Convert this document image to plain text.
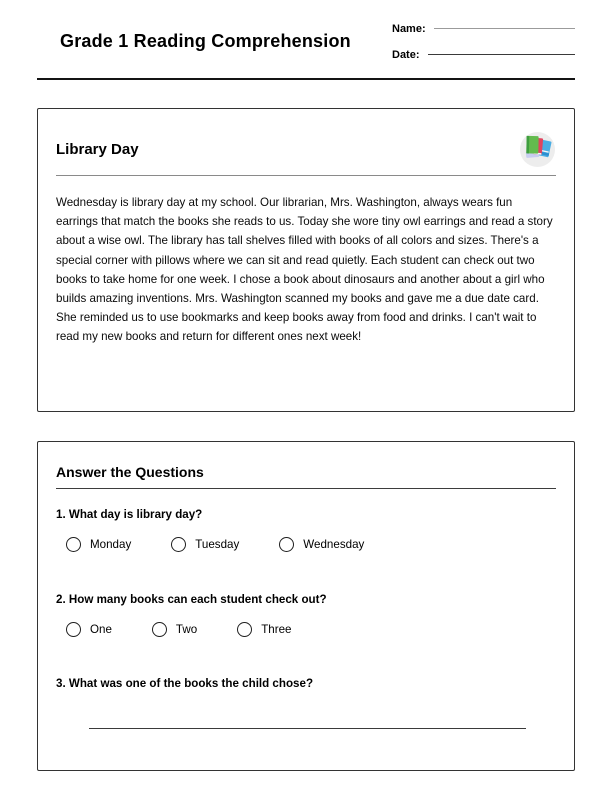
Grade 1 Reading Comprehension
Name:
Date:
Library Day
Wednesday is library day at my school. Our librarian, Mrs. Washington, always wears fun earrings that match the books she reads to us. Today she wore tiny owl earrings and read a story about a wise owl. The library has tall shelves filled with books of all colors and sizes. There's a special corner with pillows where we can sit and read quietly. Each student can check out two books to take home for one week. I chose a book about dinosaurs and another about a girl who builds amazing inventions. Mrs. Washington scanned my books and gave me a due date card. She reminded us to use bookmarks and keep books away from food and drinks. I can't wait to read my new books and return for different ones next week!
Answer the Questions
1. What day is library day?
Monday	Tuesday	Wednesday
2. How many books can each student check out?
One	Two	Three
3. What was one of the books the child chose?
